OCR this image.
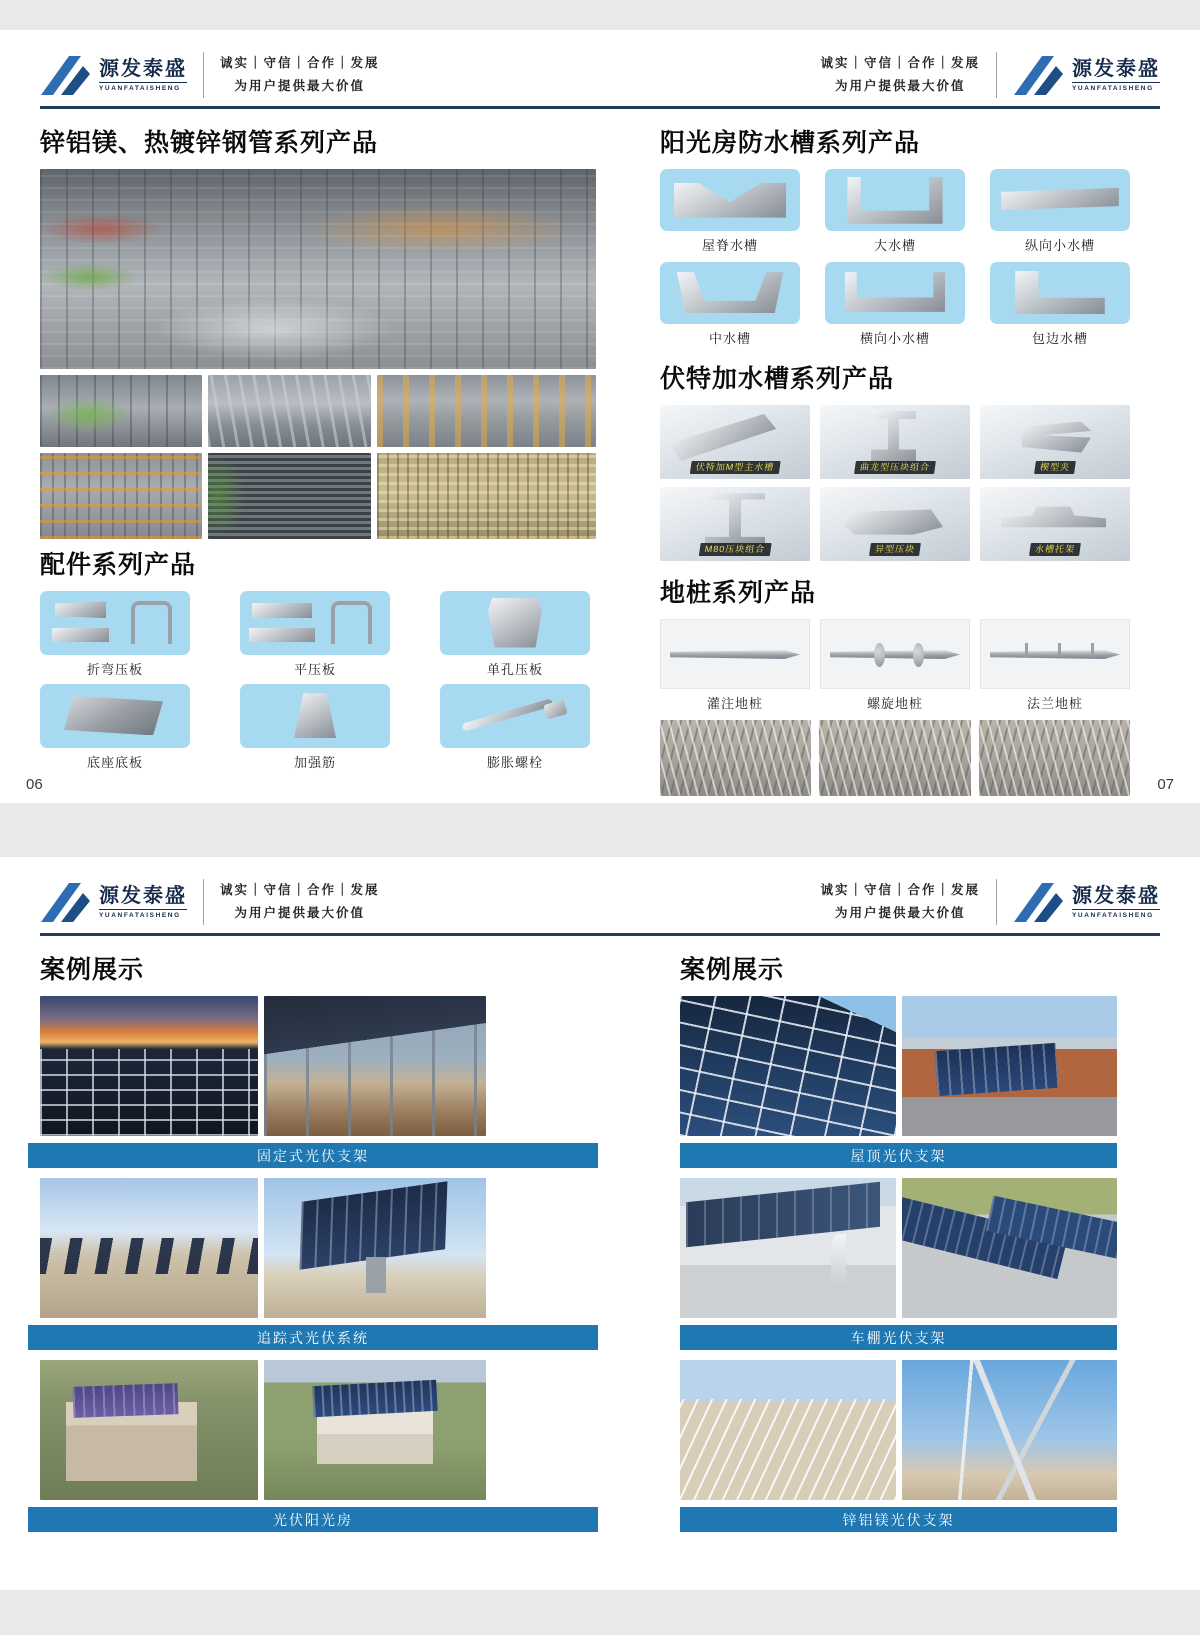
源发泰盛
YUANFATAISHENG
诚实｜守信｜合作｜发展
为用户提供最大价值
诚实｜守信｜合作｜发展
为用户提供最大价值
源发泰盛
YUANFATAISHENG
锌铝镁、热镀锌钢管系列产品
配件系列产品
折弯压板	平压板	单孔压板
底座底板	加强筋	膨胀螺栓
阳光房防水槽系列产品
屋脊水槽	大水槽	纵向小水槽
中水槽	横向小水槽	包边水槽
伏特加水槽系列产品
伏特加M型主水槽	曲龙型压块组合	楔型夹
M80压块组合	异型压块	水槽托架
地桩系列产品
灌注地桩	螺旋地桩	法兰地桩
06	07
源发泰盛
YUANFATAISHENG
诚实｜守信｜合作｜发展
为用户提供最大价值
诚实｜守信｜合作｜发展
为用户提供最大价值
源发泰盛
YUANFATAISHENG
案例展示
固定式光伏支架
追踪式光伏系统
光伏阳光房
案例展示
屋顶光伏支架
车棚光伏支架
锌铝镁光伏支架
